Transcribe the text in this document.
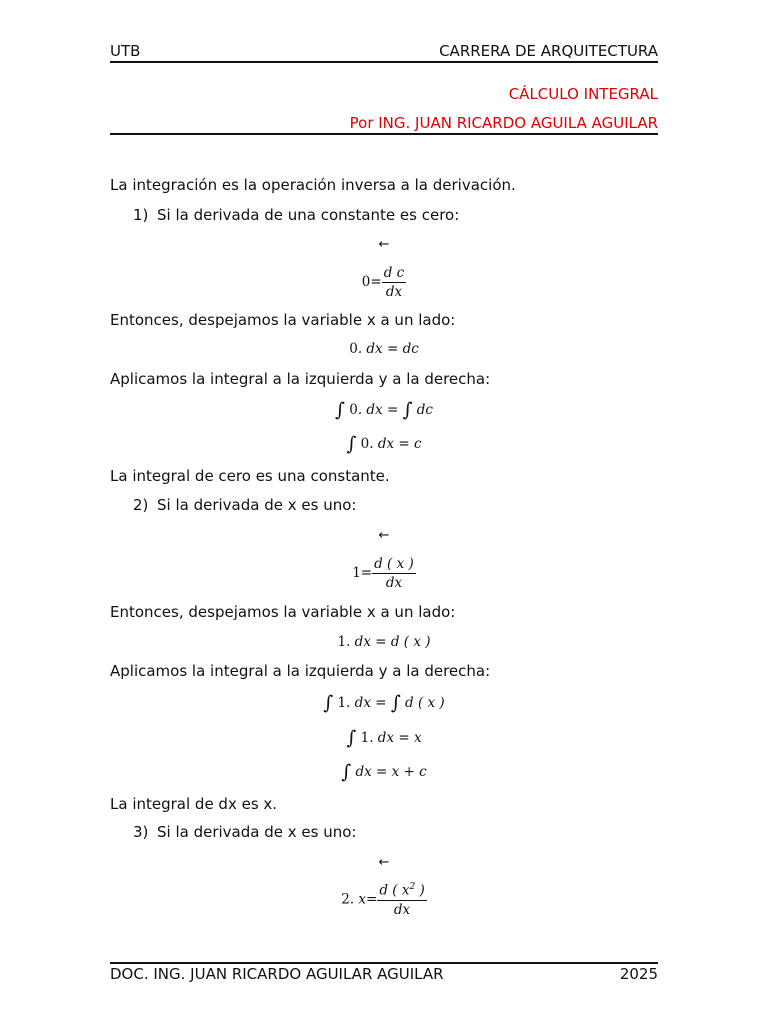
UTB	CARRERA DE ARQUITECTURA
CÁLCULO INTEGRAL
Por ING. JUAN RICARDO AGUILA AGUILAR
La integración es la operación inversa a la derivación.
1) Si la derivada de una constante es cero:
←
$0= \frac{\text{d c}}{dx}$
Entonces, despejamos la variable x a un lado:
0. dx = dc
Aplicamos la integral a la izquierda y a la derecha:
∫ 0. dx = ∫ dc
∫ 0. dx = c
La integral de cero es una constante.
2) Si la derivada de x es uno:
←
$1= \frac{d ( x )}{dx}$
Entonces, despejamos la variable x a un lado:
1. dx = d ( x )
Aplicamos la integral a la izquierda y a la derecha:
∫ 1. dx = ∫ d ( x )
∫ 1. dx = x
∫ dx = x + c
La integral de dx es x.
3) Si la derivada de x es uno:
←
2. $x= \frac{d ( x^2 )}{dx}$
DOC. ING. JUAN RICARDO AGUILAR AGUILAR	2025
